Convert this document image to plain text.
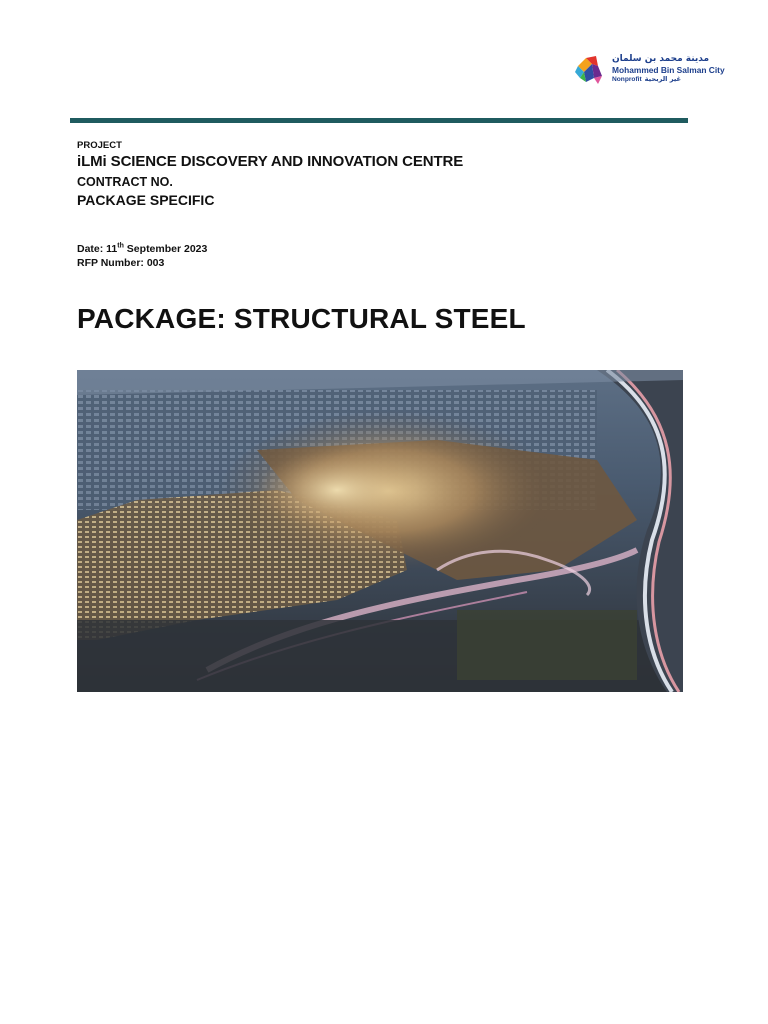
مدينة محمد بن سلمان
Mohammed Bin Salman City
Nonprofit غير الربحية
PROJECT
iLMi SCIENCE DISCOVERY AND INNOVATION CENTRE
CONTRACT NO.
PACKAGE SPECIFIC
Date: 11th September 2023
RFP Number: 003
PACKAGE: STRUCTURAL STEEL
